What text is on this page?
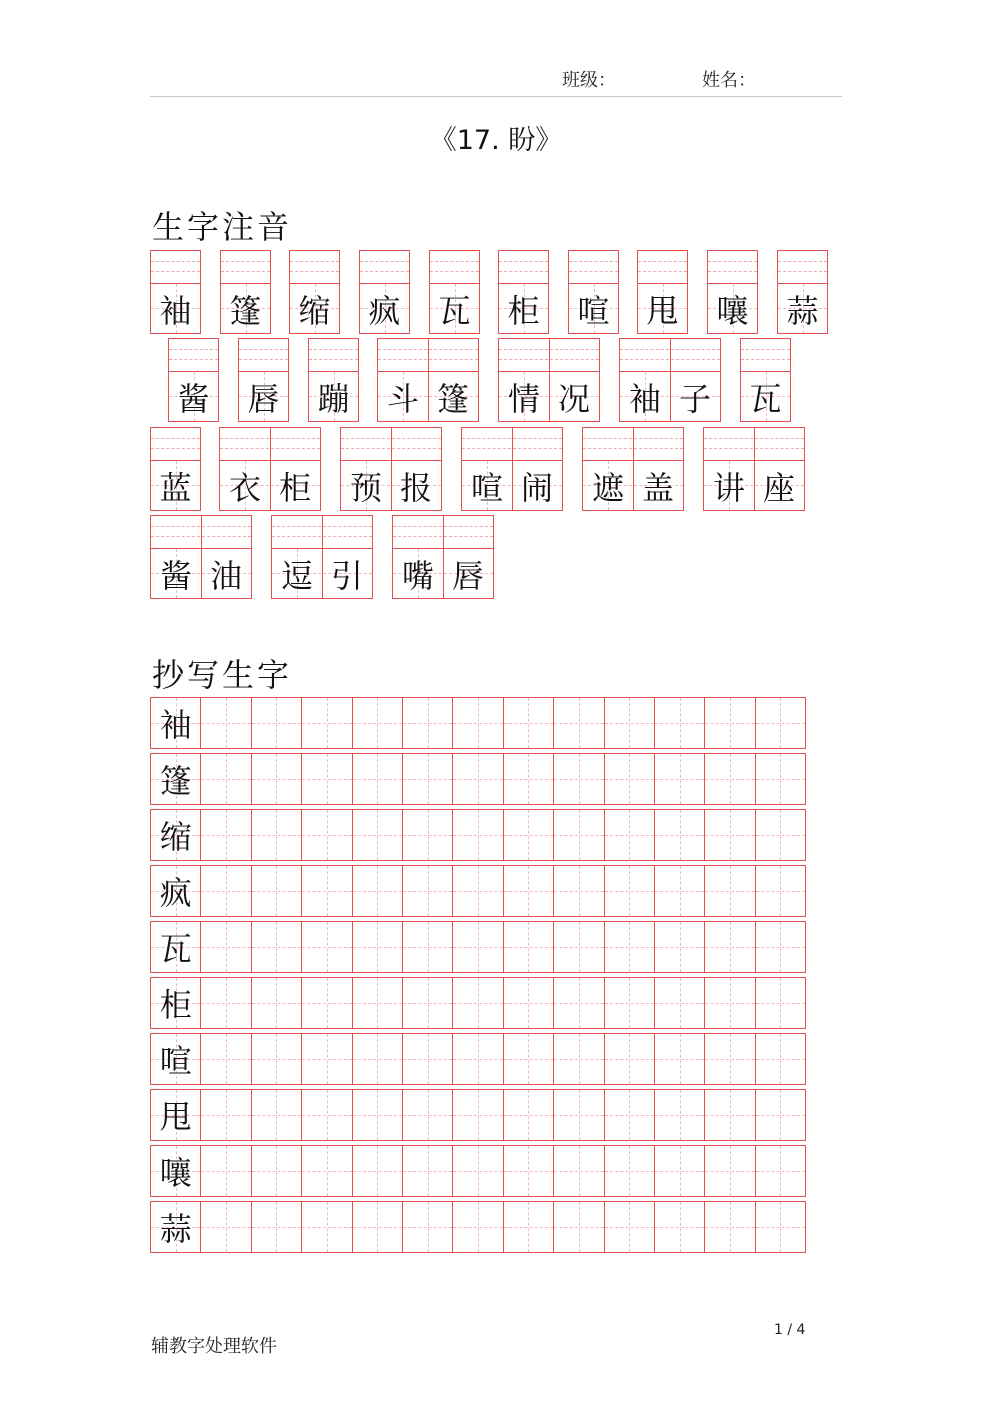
班级：	姓名：
《17. 盼》
生字注音
袖 篷 缩 疯 瓦 柜 喧 甩 嚷 蒜
酱 唇 蹦 斗 篷 情 况 袖 子 瓦
蓝 衣 柜 预 报 喧 闹 遮 盖 讲 座
酱 油 逗 引 嘴 唇
抄写生字
袖
篷
缩
疯
瓦
柜
喧
甩
嚷
蒜
辅教字处理软件
1 / 4
